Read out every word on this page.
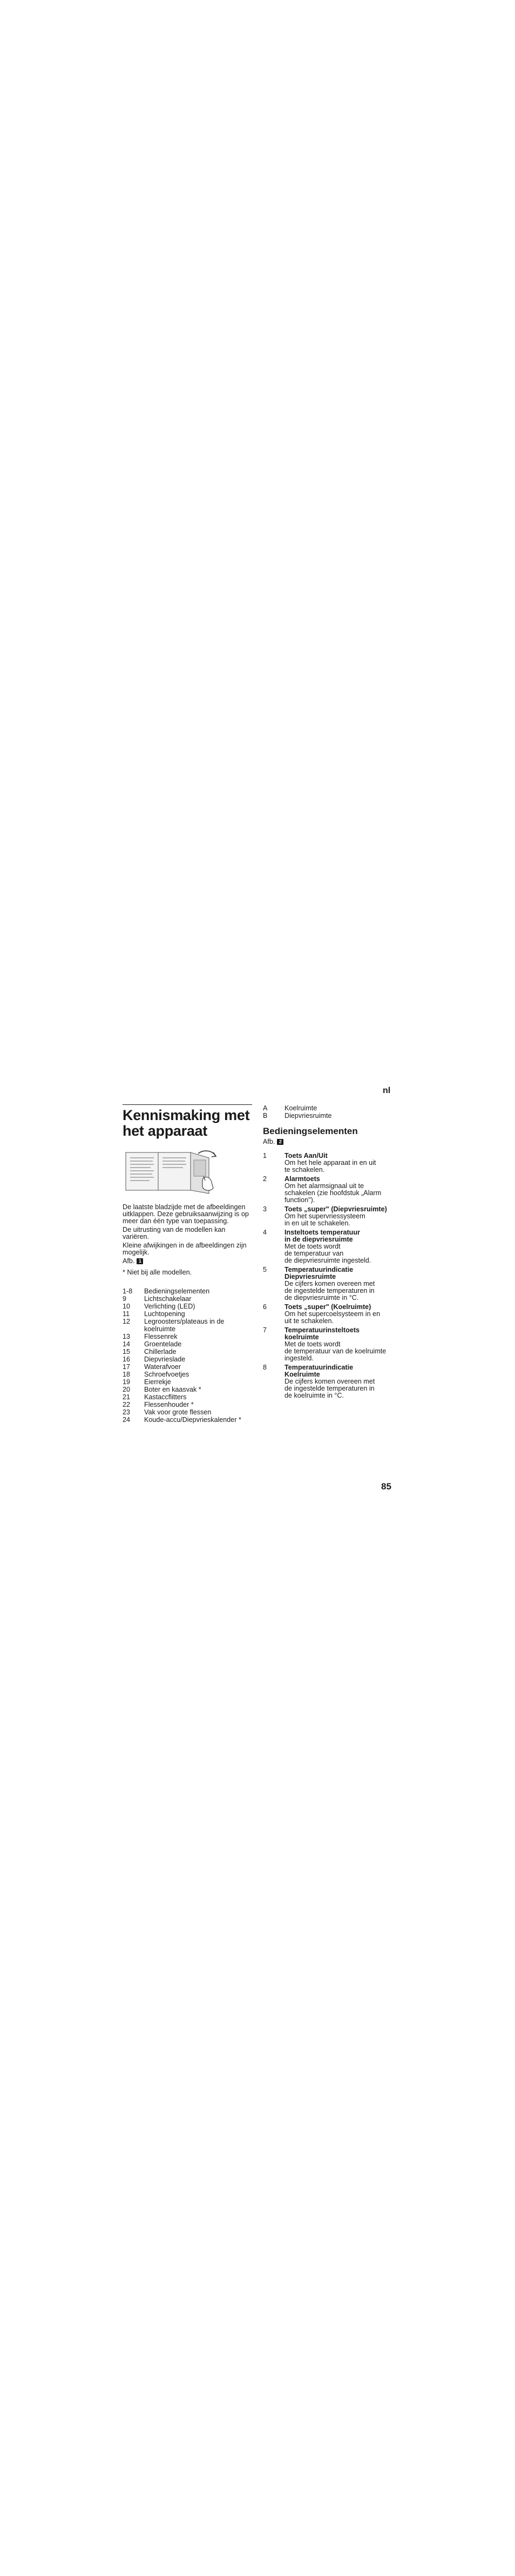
nl
Kennismaking met het apparaat
De laatste bladzijde met de afbeeldingen uitklappen. Deze gebruiksaanwijzing is op meer dan één type van toepassing.
De uitrusting van de modellen kan variëren.
Kleine afwijkingen in de afbeeldingen zijn mogelijk.
Afb. 1
* Niet bij alle modellen.
1-8	Bedieningselementen
9	Lichtschakelaar
10	Verlichting (LED)
11	Luchtopening
12	Legroosters/plateaus in de koelruimte
13	Flessenrek
14	Groentelade
15	Chillerlade
16	Diepvrieslade
17	Waterafvoer
18	Schroefvoetjes
19	Eierrekje
20	Boter en kaasvak *
21	Kastaccflitters
22	Flessenhouder *
23	Vak voor grote flessen
24	Koude-accu/Diepvrieskalender *
A	Koelruimte
B	Diepvriesruimte
Bedieningselementen
Afb. 2
1	Toets Aan/Uit
Om het hele apparaat in en uit
te schakelen.
2	Alarmtoets
Om het alarmsignaal uit te
schakelen (zie hoofdstuk „Alarm
function").
3	Toets „super" (Diepvriesruimte)
Om het supervriessysteem
in en uit te schakelen.
4	Insteltoets temperatuur
in de diepvriesruimte
Met de toets wordt
de temperatuur van
de diepvriesruimte ingesteld.
5	Temperatuurindicatie
Diepvriesruimte
De cijfers komen overeen met
de ingestelde temperaturen in
de diepvriesruimte in °C.
6	Toets „super" (Koelruimte)
Om het supercoelsysteem in en
uit te schakelen.
7	Temperatuurinsteltoets
koelruimte
Met de toets wordt
de temperatuur van de koelruimte
ingesteld.
8	Temperatuurindicatie
Koelruimte
De cijfers komen overeen met
de ingestelde temperaturen in
de koelruimte in °C.
85
